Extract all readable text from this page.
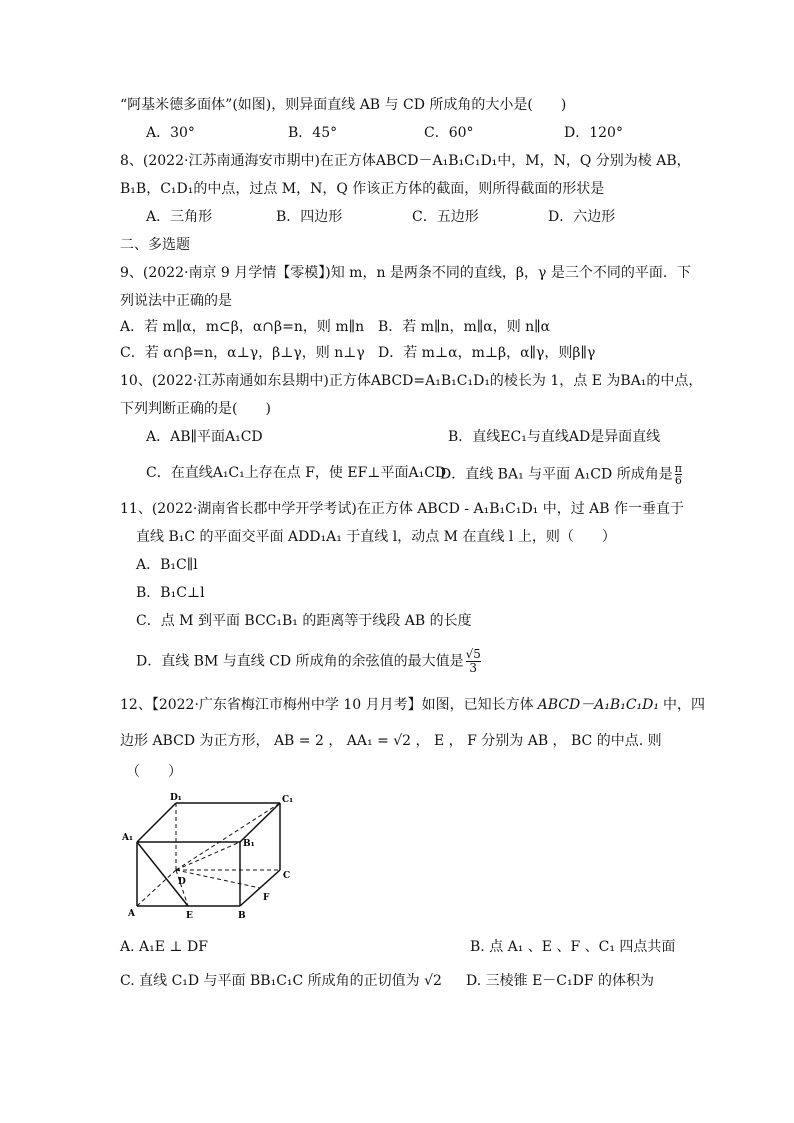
“阿基米德多面体”(如图)，则异面直线 AB 与 CD 所成角的大小是(　　)
A．30°	B．45°	C．60°	D．120°
8、(2022·江苏南通海安市期中)在正方体ABCD－A₁B₁C₁D₁中，M，N，Q 分别为棱 AB，
B₁B，C₁D₁的中点，过点 M，N，Q 作该正方体的截面，则所得截面的形状是
A．三角形	B．四边形	C．五边形	D．六边形
二、多选题
9、(2022·南京 9 月学情【零模】)知 m，n 是两条不同的直线，β，γ 是三个不同的平面．下
列说法中正确的是
A．若 m∥α，m⊂β，α∩β=n，则 m∥n B．若 m∥n，m∥α，则 n∥α
C．若 α∩β=n，α⊥γ，β⊥γ，则 n⊥γ D．若 m⊥α，m⊥β，α∥γ，则β∥γ
10、(2022·江苏南通如东县期中)正方体ABCD=A₁B₁C₁D₁的棱长为 1，点 E 为BA₁的中点，
下列判断正确的是(　　)
A．AB∥平面A₁CD	B．直线EC₁与直线AD是异面直线
C．在直线A₁C₁上存在点 F，使 EF⊥平面A₁CD
D．直线 BA₁ 与平面 A₁CD 所成角是 $\frac{\pi}{6}$
11、(2022·湖南省长郡中学开学考试)在正方体 ABCD - A₁B₁C₁D₁ 中，过 AB 作一垂直于
直线 B₁C 的平面交平面 ADD₁A₁ 于直线 l，动点 M 在直线 l 上，则（　　）
A．B₁C∥l
B．B₁C⊥l
C．点 M 到平面 BCC₁B₁ 的距离等于线段 AB 的长度
D．直线 BM 与直线 CD 所成角的余弦值的最大值是 $\frac{√5}{3}$
12、【2022·广东省梅江市梅州中学 10 月月考】如图，已知长方体 ABCD－A₁B₁C₁D₁ 中，四
边形 ABCD 为正方形， AB = 2 ， AA₁ = √2 ， E ， F 分别为 AB ， BC 的中点. 则
（　　）
D₁	C₁
A₁
B₁
D
C
A	E	B
F
A. A₁E ⊥ DF	B. 点 A₁ 、E 、F 、C₁ 四点共面
C. 直线 C₁D 与平面 BB₁C₁C 所成角的正切值为 √2 D. 三棱锥 E－C₁DF 的体积为
